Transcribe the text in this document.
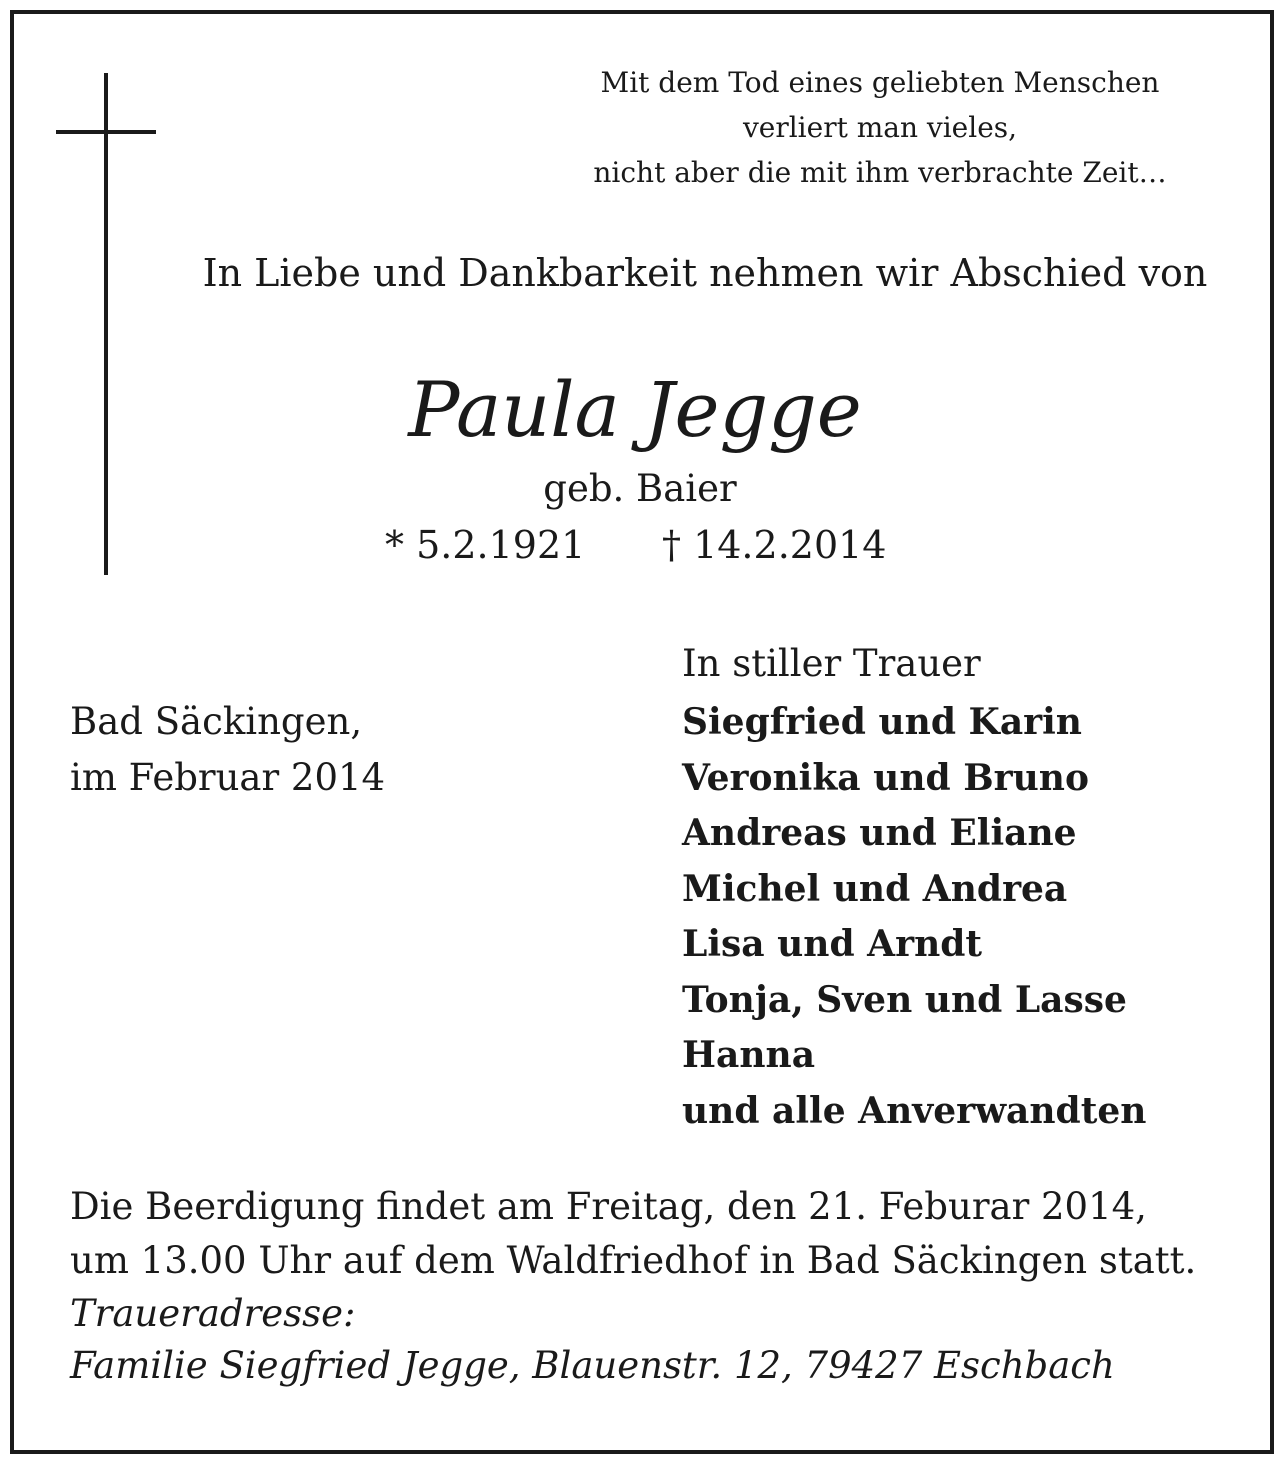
Mit dem Tod eines geliebten Menschen
verliert man vieles,
nicht aber die mit ihm verbrachte Zeit…
In Liebe und Dankbarkeit nehmen wir Abschied von
Paula Jegge
geb. Baier
* 5.2.1921 † 14.2.2014
Bad Säckingen,
im Februar 2014
In stiller Trauer
Siegfried und Karin
Veronika und Bruno
Andreas und Eliane
Michel und Andrea
Lisa und Arndt
Tonja, Sven und Lasse
Hanna
und alle Anverwandten
Die Beerdigung findet am Freitag, den 21. Feburar 2014,
um 13.00 Uhr auf dem Waldfriedhof in Bad Säckingen statt.
Traueradresse:
Familie Siegfried Jegge, Blauenstr. 12, 79427 Eschbach
